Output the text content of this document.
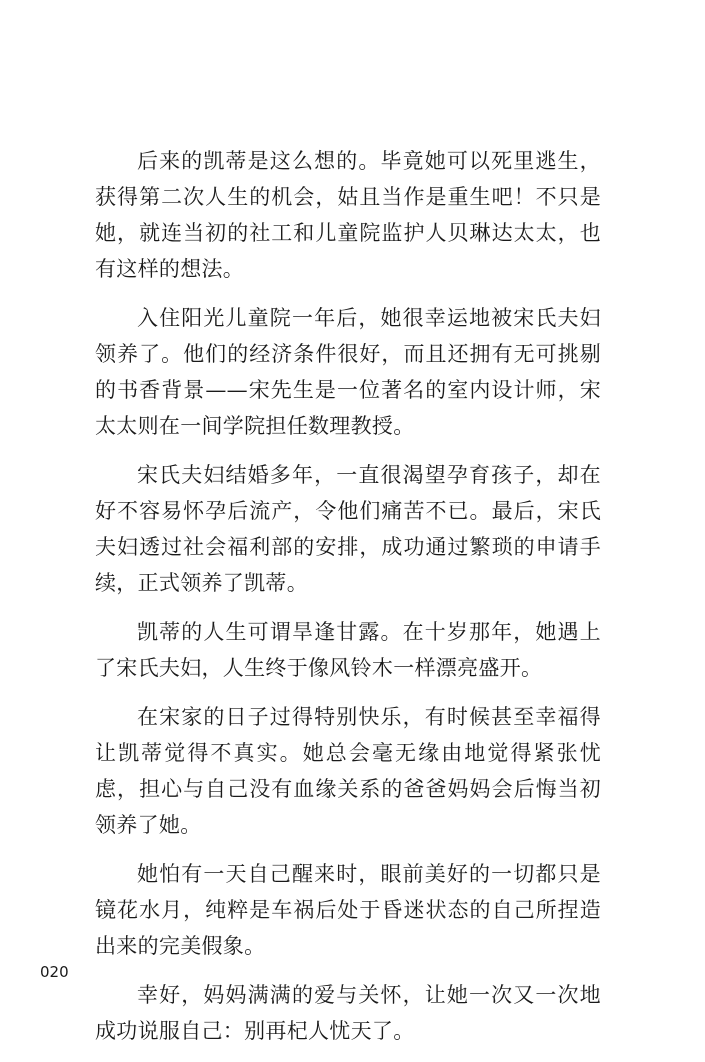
后来的凯蒂是这么想的。毕竟她可以死里逃生，获得第二次人生的机会，姑且当作是重生吧！不只是她，就连当初的社工和儿童院监护人贝琳达太太，也有这样的想法。

入住阳光儿童院一年后，她很幸运地被宋氏夫妇领养了。他们的经济条件很好，而且还拥有无可挑剔的书香背景——宋先生是一位著名的室内设计师，宋太太则在一间学院担任数理教授。

宋氏夫妇结婚多年，一直很渴望孕育孩子，却在好不容易怀孕后流产，令他们痛苦不已。最后，宋氏夫妇透过社会福利部的安排，成功通过繁琐的申请手续，正式领养了凯蒂。

凯蒂的人生可谓旱逢甘露。在十岁那年，她遇上了宋氏夫妇，人生终于像风铃木一样漂亮盛开。

在宋家的日子过得特别快乐，有时候甚至幸福得让凯蒂觉得不真实。她总会毫无缘由地觉得紧张忧虑，担心与自己没有血缘关系的爸爸妈妈会后悔当初领养了她。

她怕有一天自己醒来时，眼前美好的一切都只是镜花水月，纯粹是车祸后处于昏迷状态的自己所捏造出来的完美假象。

幸好，妈妈满满的爱与关怀，让她一次又一次地成功说服自己：别再杞人忧天了。

020
